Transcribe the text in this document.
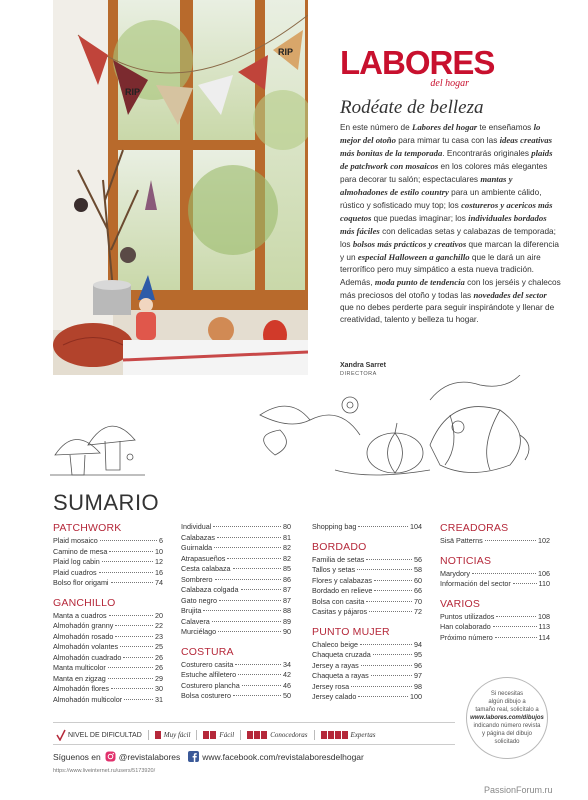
RIP
RIP LABORES
del hogar
Rodéate de belleza

En este número de Labores del hogar te enseñamos lo mejor del otoño para mimar tu casa con las ideas creativas más bonitas de la temporada. Encontrarás originales plaids de patchwork con mosaicos en los colores más elegantes para decorar tu salón; espectaculares mantas y almohadones de estilo country para un ambiente cálido, rústico y sofisticado muy top; los costureros y acericos más coquetos que puedas imaginar; los individuales bordados más fáciles con delicadas setas y calabazas de temporada; los bolsos más prácticos y creativos que marcan la diferencia y un especial Halloween a ganchillo que le dará un aire terrorífico pero muy simpático a esta nueva tradición. Además, moda punto de tendencia con los jerséis y chalecos más preciosos del otoño y todas las novedades del sector que no debes perderte para seguir inspirándote y llenar de creatividad, talento y belleza tu hogar.

Xandra Sarret
DIRECTORA
SUMARIO
PATCHWORK
Plaid mosaico	6
Camino de mesa	10
Plaid log cabin	12
Plaid cuadros	16
Bolso flor origami	74
GANCHILLO
Manta a cuadros	20
Almohadón granny	22
Almohadón rosado	23
Almohadón volantes	25
Almohadón cuadrado	26
Manta multicolor	26
Manta en zigzag	29
Almohadón flores	30
Almohadón multicolor	31
Individual	80
Calabazas	81
Guirnalda	82
Atrapasueños	82
Cesta calabaza	85
Sombrero	86
Calabaza colgada	87
Gato negro	87
Brujita	88
Calavera	89
Murciélago	90
COSTURA
Costurero casita	34
Estuche alfiletero	42
Costurero plancha	46
Bolsa costurero	50
Shopping bag	104
BORDADO
Familia de setas	56
Tallos y setas	58
Flores y calabazas	60
Bordado en relieve	66
Bolsa con casita	70
Casitas y pájaros	72
PUNTO MUJER
Chaleco beige	94
Chaqueta cruzada	95
Jersey a rayas	96
Chaqueta a rayas	97
Jersey rosa	98
Jersey calado	100
CREADORAS
Sisä Patterns	102
NOTICIAS
Marydory	106
Información del sector	110
VARIOS
Puntos utilizados	108
Han colaborado	113
Próximo número	114
Si necesitas
algún dibujo a
tamaño real, solicítalo a
www.labores.com/dibujos
indicando número revista
y página del dibujo
solicitado
NIVEL DE DIFICULTAD	Muy fácil	Fácil	Conocedoras	Expertas
Síguenos en @revistalabores	www.facebook.com/revistalaboresdelhogar
https://www.liveinternet.ru/users/5173920/
PassionForum.ru
